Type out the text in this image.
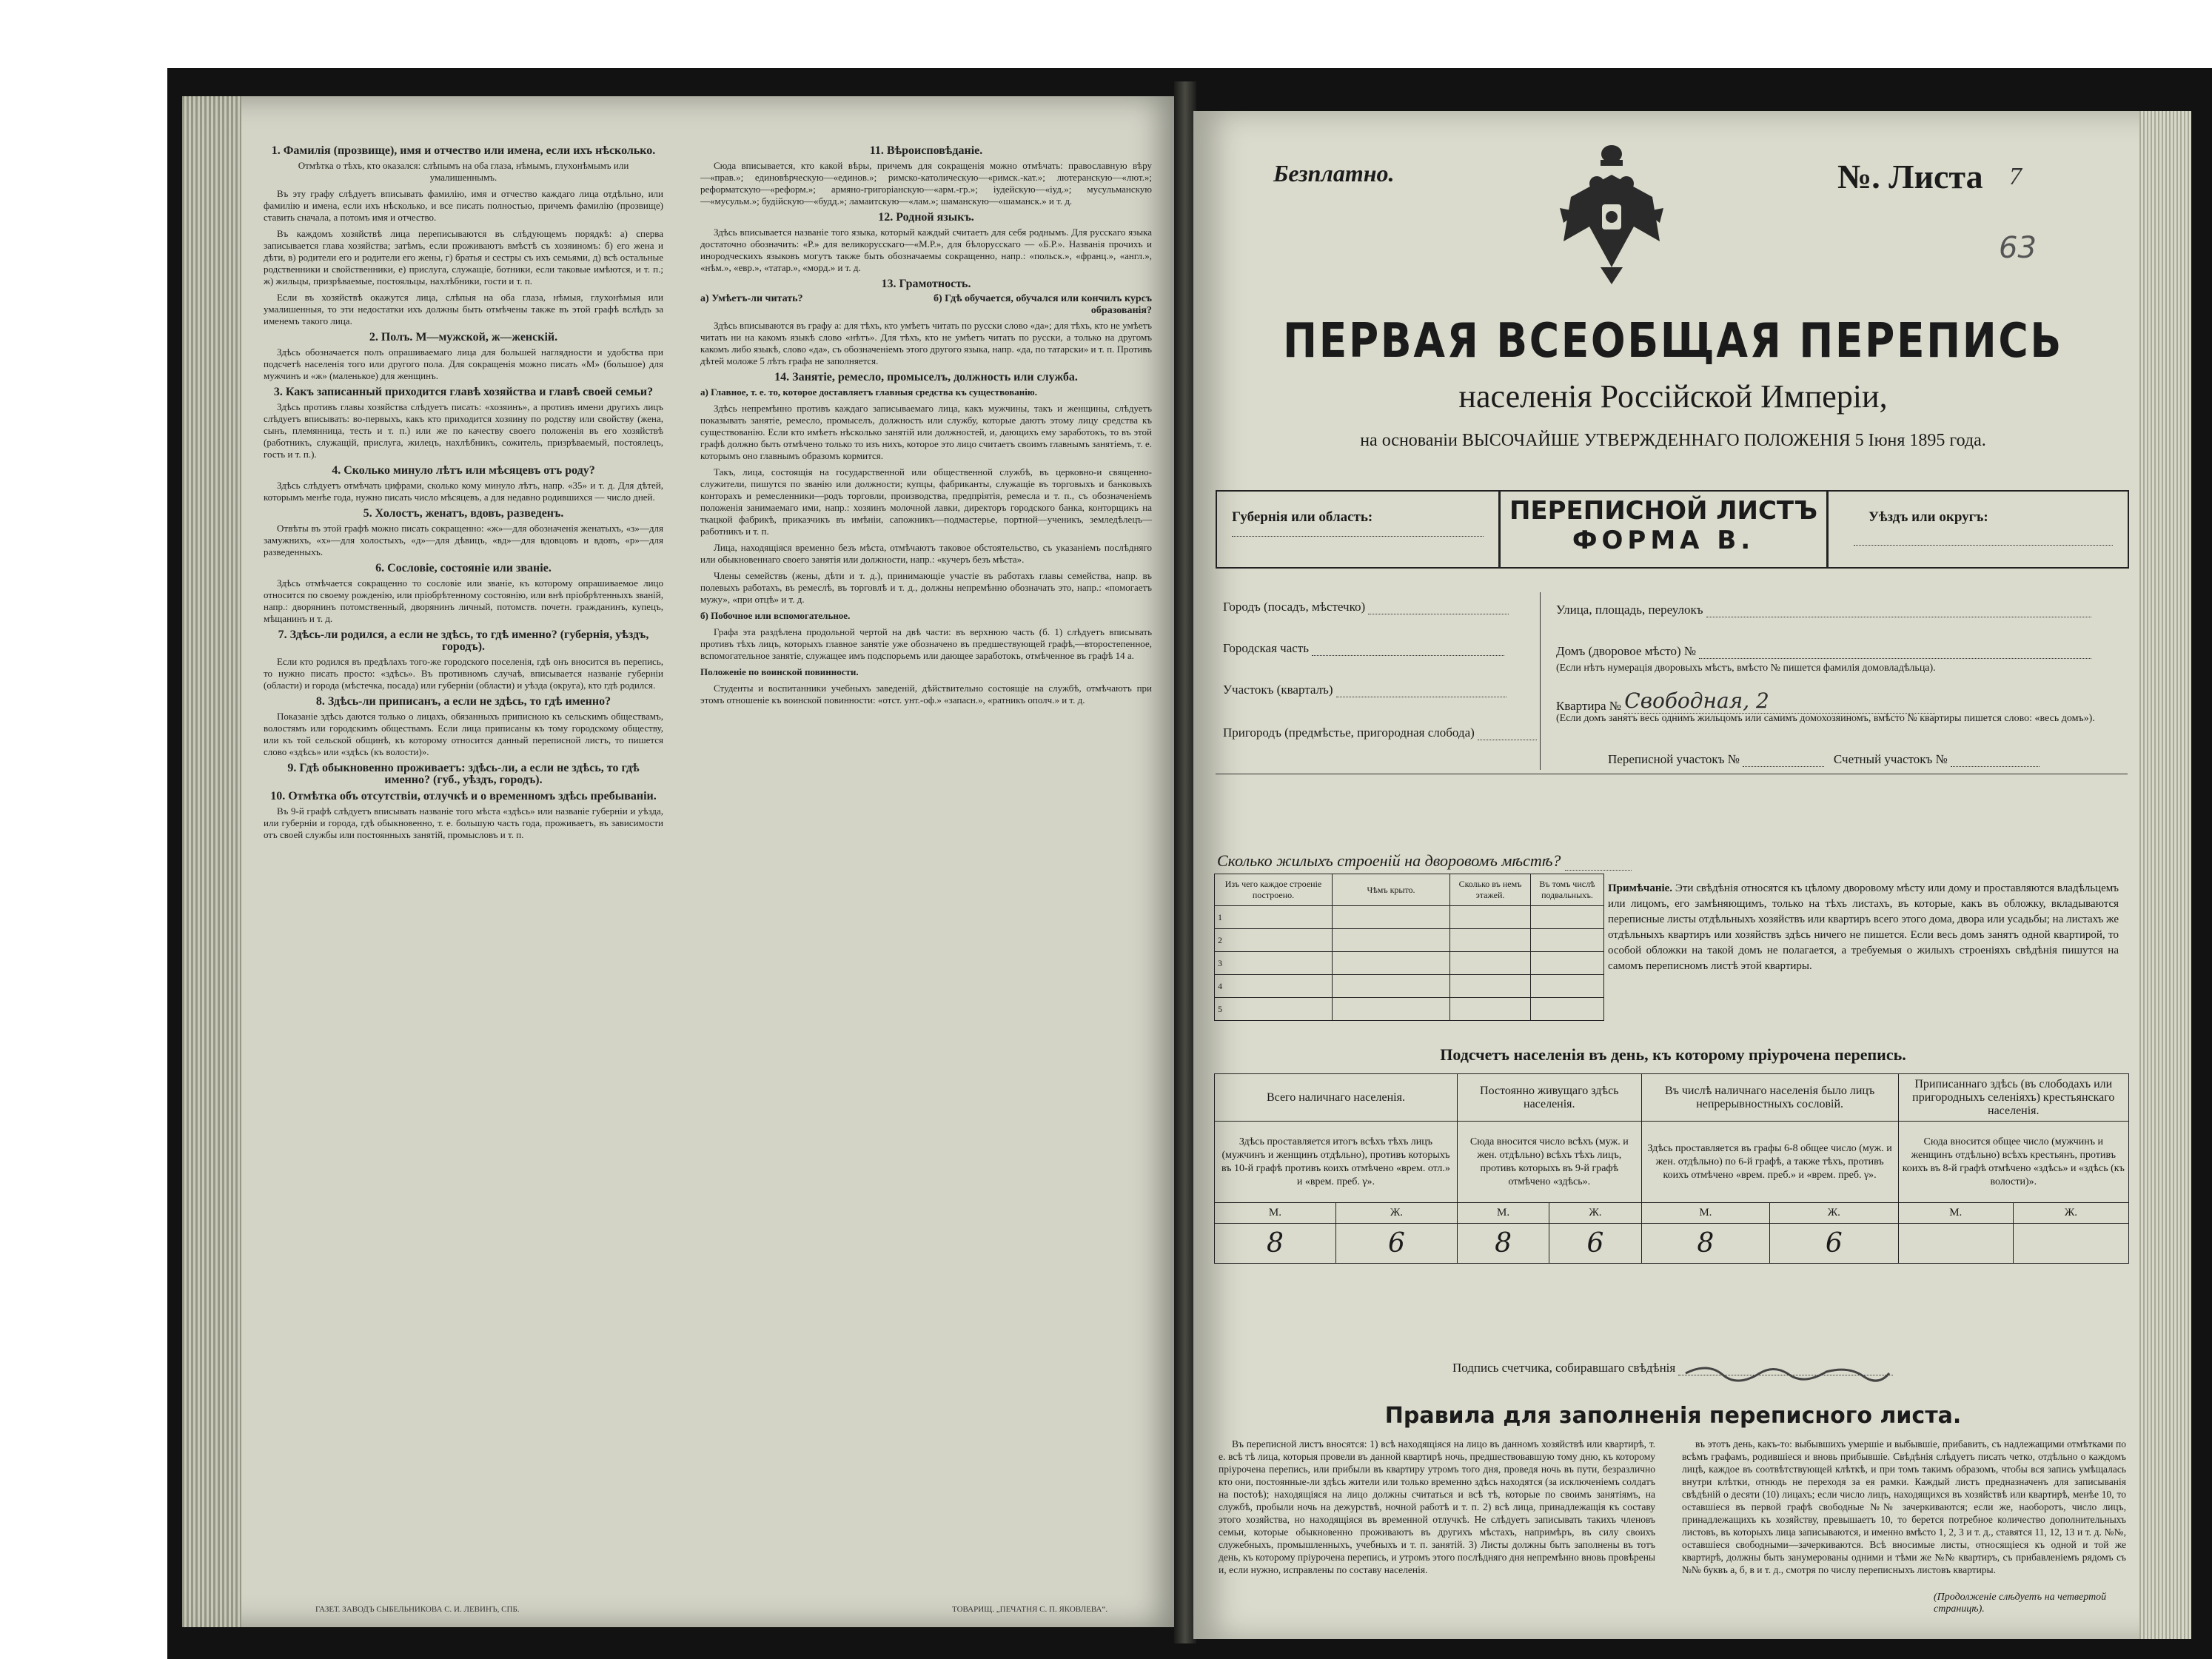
1. Фамилія (прозвище), имя и отчество или имена, если ихъ нѣсколько.

Отмѣтка о тѣхъ, кто оказался: слѣпымъ на оба глаза, нѣмымъ, глухонѣмымъ или умалишеннымъ.

Въ эту графу слѣдуетъ вписывать фамилію, имя и отчество каждаго лица отдѣльно, или фамилію и имена, если ихъ нѣсколько, и все писать полностью, причемъ фамилію (прозвище) ставить сначала, а потомъ имя и отчество.

Въ каждомъ хозяйствѣ лица переписываются въ слѣдующемъ порядкѣ: а) сперва записывается глава хозяйства; затѣмъ, если проживаютъ вмѣстѣ съ хозяиномъ: б) его жена и дѣти, в) родители его и родители его жены, г) братья и сестры съ ихъ семьями, д) всѣ остальные родственники и свойственники, е) прислуга, служащіе, ботники, если таковые имѣются, и т. п.; ж) жильцы, призрѣваемые, постояльцы, нахлѣбники, гости и т. п.

Если въ хозяйствѣ окажутся лица, слѣпыя на оба глаза, нѣмыя, глухонѣмыя или умалишенныя, то эти недостатки ихъ должны быть отмѣчены также въ этой графѣ вслѣдъ за именемъ такого лица.

2. Полъ. М—мужской, ж—женскій.

Здѣсь обозначается полъ опрашиваемаго лица для большей наглядности и удобства при подсчетѣ населенія того или другого пола. Для сокращенія можно писать «М» (большое) для мужчинъ и «ж» (маленькое) для женщинъ.

3. Какъ записанный приходится главѣ хозяйства и главѣ своей семьи?

Здѣсь противъ главы хозяйства слѣдуетъ писать: «хозяинъ», а противъ имени другихъ лицъ слѣдуетъ вписывать: во-первыхъ, какъ кто приходится хозяину по родству или свойству (жена, сынъ, племянница, тесть и т. п.) или же по качеству своего положенія въ его хозяйствѣ (работникъ, служащій, прислуга, жилецъ, нахлѣбникъ, сожитель, призрѣваемый, постоялецъ, гость и т. п.).

4. Сколько минуло лѣтъ или мѣсяцевъ отъ роду?

Здѣсь слѣдуетъ отмѣчать цифрами, сколько кому минуло лѣтъ, напр. «35» и т. д. Для дѣтей, которымъ менѣе года, нужно писать число мѣсяцевъ, а для недавно родившихся — число дней.

5. Холостъ, женатъ, вдовъ, разведенъ.

Отвѣты въ этой графѣ можно писать сокращенно: «ж»—для обозначенія женатыхъ, «з»—для замужнихъ, «х»—для холостыхъ, «д»—для дѣвицъ, «вд»—для вдовцовъ и вдовъ, «р»—для разведенныхъ.

6. Сословіе, состояніе или званіе.

Здѣсь отмѣчается сокращенно то сословіе или званіе, къ которому опрашиваемое лицо относится по своему рожденію, или пріобрѣтенному состоянію, или внѣ пріобрѣтенныхъ званій, напр.: дворянинъ потомственный, дворянинъ личный, потомств. почетн. гражданинъ, купецъ, мѣщанинъ и т. д.

7. Здѣсь-ли родился, а если не здѣсь, то гдѣ именно? (губернія, уѣздъ, городъ).

Если кто родился въ предѣлахъ того-же городского поселенія, гдѣ онъ вносится въ перепись, то нужно писать просто: «здѣсь». Въ противномъ случаѣ, вписывается названіе губерніи (области) и города (мѣстечка, посада) или губерніи (области) и уѣзда (округа), кто гдѣ родился.

8. Здѣсь-ли приписанъ, а если не здѣсь, то гдѣ именно?

Показаніе здѣсь даются только о лицахъ, обязанныхъ приписною къ сельскимъ обществамъ, волостямъ или городскимъ обществамъ. Если лица приписаны къ тому городскому обществу, или къ той сельской общинѣ, къ которому относится данный переписной листъ, то пишется слово «здѣсь» или «здѣсь (къ волости)».

9. Гдѣ обыкновенно проживаетъ: здѣсь-ли, а если не здѣсь, то гдѣ именно? (губ., уѣздъ, городъ).
10. Отмѣтка объ отсутствіи, отлучкѣ и о временномъ здѣсь пребываніи.

Въ 9-й графѣ слѣдуетъ вписывать названіе того мѣста «здѣсь» или названіе губерніи и уѣзда, или губерніи и города, гдѣ обыкновенно, т. е. большую часть года, проживаетъ, въ зависимости отъ своей службы или постоянныхъ занятій, промысловъ и т. п.

11. Вѣроисповѣданіе.

Сюда вписывается, кто какой вѣры, причемъ для сокращенія можно отмѣчать: православную вѣру—«прав.»; единовѣрческую—«единов.»; римско-католическую—«римск.-кат.»; лютеранскую—«лют.»; реформатскую—«реформ.»; армяно-григоріанскую—«арм.-гр.»; іудейскую—«іуд.»; мусульманскую—«мусульм.»; будійскую—«будд.»; ламаитскую—«лам.»; шаманскую—«шаманск.» и т. д.

12. Родной языкъ.

Здѣсь вписывается названіе того языка, который каждый считаетъ для себя роднымъ. Для русскаго языка достаточно обозначить: «Р.» для великорусскаго—«М.Р.», для бѣлорусскаго — «Б.Р.». Названія прочихъ и инородческихъ языковъ могутъ также быть обозначаемы сокращенно, напр.: «польск.», «франц.», «англ.», «нѣм.», «евр.», «татар.», «морд.» и т. д.

13. Грамотность.
а) Умѣетъ-ли читать?	б) Гдѣ обучается, обучался или кончилъ курсъ образованія?

Здѣсь вписываются въ графу а: для тѣхъ, кто умѣетъ читать по русски слово «да»; для тѣхъ, кто не умѣетъ читать ни на какомъ языкѣ слово «нѣтъ». Для тѣхъ, кто не умѣетъ читать по русски, а только на другомъ какомъ либо языкѣ, слово «да», съ обозначеніемъ этого другого языка, напр. «да, по татарски» и т. п. Противъ дѣтей моложе 5 лѣтъ графа не заполняется.

14. Занятіе, ремесло, промыселъ, должность или служба.

а) Главное, т. е. то, которое доставляетъ главныя средства къ существованію.

Здѣсь непремѣнно противъ каждаго записываемаго лица, какъ мужчины, такъ и женщины, слѣдуетъ показывать занятіе, ремесло, промыселъ, должность или службу, которые даютъ этому лицу средства къ существованію. Если кто имѣетъ нѣсколько занятій или должностей, и, дающихъ ему заработокъ, то въ этой графѣ должно быть отмѣчено только то изъ нихъ, которое это лицо считаетъ своимъ главнымъ занятіемъ, т. е. которымъ оно главнымъ образомъ кормится.

Такъ, лица, состоящія на государственной или общественной службѣ, въ церковно-и священно-служители, пишутся по званію или должности; купцы, фабриканты, служащіе въ торговыхъ и банковыхъ конторахъ и ремесленники—родъ торговли, производства, предпріятія, ремесла и т. п., съ обозначеніемъ положенія занимаемаго ими, напр.: хозяинъ молочной лавки, директоръ городского банка, конторщикъ на ткацкой фабрикѣ, приказчикъ въ имѣніи, сапожникъ—подмастерье, портной—ученикъ, земледѣлецъ—работникъ и т. п.

Лица, находящіяся временно безъ мѣста, отмѣчаютъ таковое обстоятельство, съ указаніемъ послѣдняго или обыкновеннаго своего занятія или должности, напр.: «кучеръ безъ мѣста».

Члены семействъ (жены, дѣти и т. д.), принимающіе участіе въ работахъ главы семейства, напр. въ полевыхъ работахъ, въ ремеслѣ, въ торговлѣ и т. д., должны непремѣнно обозначать это, напр.: «помогаетъ мужу», «при отцѣ» и т. д.

б) Побочное или вспомогательное.

Графа эта раздѣлена продольной чертой на двѣ части: въ верхнюю часть (б. 1) слѣдуетъ вписывать противъ тѣхъ лицъ, которыхъ главное занятіе уже обозначено въ предшествующей графѣ,—второстепенное, вспомогательное занятіе, служащее имъ подспорьемъ или дающее заработокъ, отмѣченное въ графѣ 14 а.

Положеніе по воинской повинности.

Студенты и воспитанники учебныхъ заведеній, дѣйствительно состоящіе на службѣ, отмѣчаютъ при этомъ отношеніе къ воинской повинности: «отст. унт.-оф.» «запасн.», «ратникъ ополч.» и т. д.

ГАЗЕТ. ЗАВОДЪ СЫБЕЛЬНИКОВА С. И. ЛЕВИНЪ, СПБ.	ТОВАРИЩ. „ПЕЧАТНЯ С. П. ЯКОВЛЕВА“.
Безплатно.	№. Листа 7
63
ПЕРВАЯ ВСЕОБЩАЯ ПЕРЕПИСЬ
населенія Россійской Имперіи,
на основаніи ВЫСОЧАЙШЕ УТВЕРЖДЕННАГО ПОЛОЖЕНІЯ 5 Іюня 1895 года.
Губернія или область:	ПЕРЕПИСНОЙ ЛИСТЪ
ФОРМА В.
Уѣздъ или округъ:
Городъ (посадъ, мѣстечко)
Городская часть
Участокъ (кварталъ)
Пригородъ (предмѣстье, пригородная слобода)
Улица, площадь, переулокъ
Домъ (дворовое мѣсто) №
(Если нѣтъ нумерація дворовыхъ мѣстъ, вмѣсто № пишется фамилія домовладѣльца).
Квартира № Свободная, 2
(Если домъ занятъ весь однимъ жильцомъ или самимъ домохозяиномъ, вмѣсто № квартиры пишется слово: «весь домъ»).
Переписной участокъ №	Счетный участокъ №
Сколько жилыхъ строеній на дворовомъ мѣстѣ?
Изъ чего каждое строеніе построено.	Чѣмъ крыто.	Сколько въ немъ этажей.	Въ томъ числѣ подвальныхъ.
1			
2			
3			
4			
5			
Примѣчаніе. Эти свѣдѣнія относятся къ цѣлому дворовому мѣсту или дому и проставляются владѣльцемъ или лицомъ, его замѣняющимъ, только на тѣхъ листахъ, въ которые, какъ въ обложку, вкладываются переписные листы отдѣльныхъ хозяйствъ или квартиръ всего этого дома, двора или усадьбы; на листахъ же отдѣльныхъ квартиръ или хозяйствъ здѣсь ничего не пишется. Если весь домъ занятъ одной квартирой, то особой обложки на такой домъ не полагается, а требуемыя о жилыхъ строеніяхъ свѣдѣнія пишутся на самомъ переписномъ листѣ этой квартиры.
Подсчетъ населенія въ день, къ которому пріурочена перепись.
Всего наличнаго населенія.		Постоянно живущаго здѣсь населенія.		Въ числѣ наличнаго населенія было лицъ непрерывностныхъ сословій.		Приписаннаго здѣсь (въ слободахъ или пригородныхъ селеніяхъ) крестьянскаго населенія.	
Здѣсь проставляется итогъ всѣхъ тѣхъ лицъ (мужчинъ и женщинъ отдѣльно), противъ которыхъ въ 10-й графѣ противъ коихъ отмѣчено «врем. отл.» и «врем. преб. γ».		Сюда вносится число всѣхъ (муж. и жен. отдѣльно) всѣхъ тѣхъ лицъ, противъ которыхъ въ 9-й графѣ отмѣчено «здѣсь».		Здѣсь проставляется въ графы 6-8 общее число (муж. и жен. отдѣльно) по 6-й графѣ, а также тѣхъ, противъ коихъ отмѣчено «врем. преб.» и «врем. преб. γ».		Сюда вносится общее число (мужчинъ и женщинъ отдѣльно) всѣхъ крестьянъ, противъ коихъ въ 8-й графѣ отмѣчено «здѣсь» и «здѣсь (къ волости)».	
М.	Ж.	М.	Ж.	М.	Ж.	М.	Ж.
8	6	8	6	8	6		
Подпись счетчика, собиравшаго свѣдѣнія
Правила для заполненія переписного листа.

Въ переписной листъ вносятся: 1) всѣ находящіяся на лицо въ данномъ хозяйствѣ или квартирѣ, т. е. всѣ тѣ лица, которыя провели въ данной квартирѣ ночь, предшествовавшую тому дню, къ которому пріурочена перепись, или прибыли въ квартиру утромъ того дня, проведя ночь въ пути, безразлично кто они, постоянные-ли здѣсь жители или только временно здѣсь находятся (за исключеніемъ солдатъ на постоѣ); находящіяся на лицо должны считаться и всѣ тѣ, которые по своимъ занятіямъ, на службѣ, пробыли ночь на дежурствѣ, ночной работѣ и т. п. 2) всѣ лица, принадлежащія къ составу этого хозяйства, но находящіяся въ временной отлучкѣ. Не слѣдуетъ записывать такихъ членовъ семьи, которые обыкновенно проживаютъ въ другихъ мѣстахъ, напримѣръ, въ силу своихъ служебныхъ, промышленныхъ, учебныхъ и т. п. занятій. 3) Листы должны быть заполнены въ тотъ день, къ которому пріурочена перепись, и утромъ этого послѣдняго дня непремѣнно вновь провѣрены и, если нужно, исправлены по составу населенія.

въ этотъ день, какъ-то: выбывшихъ умершіе и выбывшіе, прибавить, съ надлежащими отмѣтками по всѣмъ графамъ, родившіеся и вновь прибывшіе. Свѣдѣнія слѣдуетъ писать четко, отдѣльно о каждомъ лицѣ, каждое въ соотвѣтствующей клѣткѣ, и при томъ такимъ образомъ, чтобы вся запись умѣщалась внутри клѣтки, отнюдь не переходя за ея рамки. Каждый листъ предназначенъ для записыванія свѣдѣній о десяти (10) лицахъ; если число лицъ, находящихся въ хозяйствѣ или квартирѣ, менѣе 10, то оставшіеся въ первой графѣ свободные №№ зачеркиваются; если же, наоборотъ, число лицъ, принадлежащихъ къ хозяйству, превышаетъ 10, то берется потребное количество дополнительныхъ листовъ, въ которыхъ лица записываются, и именно вмѣсто 1, 2, 3 и т. д., ставятся 11, 12, 13 и т. д. №№, оставшіеся свободными—зачеркиваются. Всѣ вносимые листы, относящіеся къ одной и той же квартирѣ, должны быть занумерованы одними и тѣми же №№ квартиръ, съ прибавленіемъ рядомъ съ №№ буквъ а, б, в и т. д., смотря по числу переписныхъ листовъ квартиры.

(Продолженіе слѣдуетъ на четвертой страницѣ).
